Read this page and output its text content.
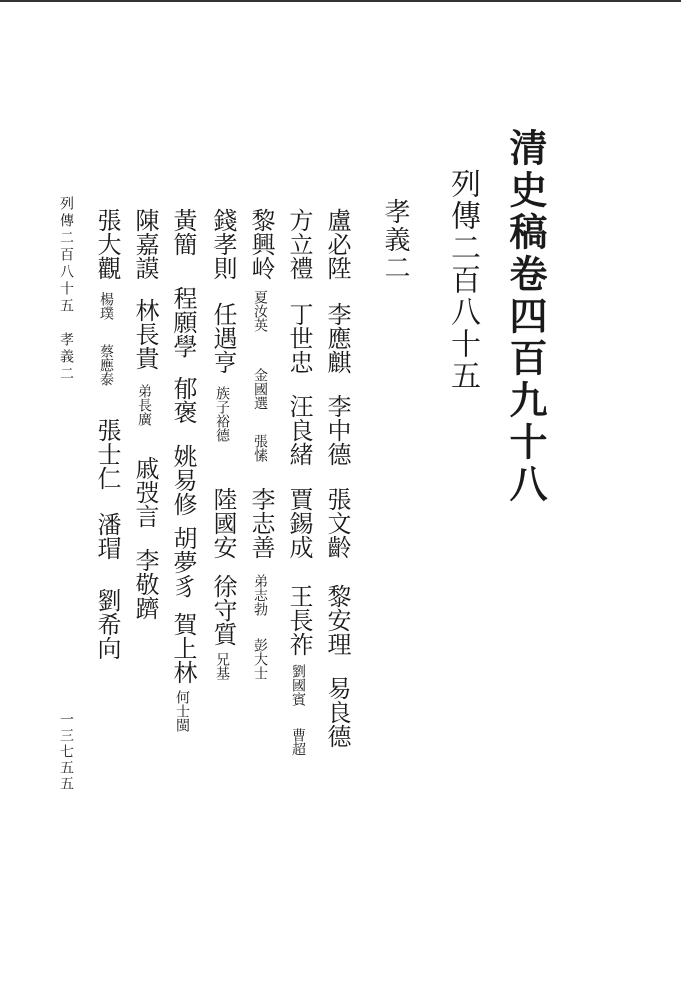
清史稿卷四百九十八
列傳二百八十五
孝義二
盧必陞
李應麒
李中德
張文齡
黎安理
易良德
方立禮
丁世忠
汪良緒
賈錫成
王長祚
劉國賓
曹超
黎興岭
夏汝英
金國選
張愫
李志善
弟志勃
彭大士
錢孝則
任遇亨
族子裕德
陸國安
徐守質
兄基
黃簡
程願學
郁褒
姚易修
胡夢豸
賀上林
何士閩
陳嘉謨
林長貴
弟長廣
戚弢言
李敬躋
張大觀
楊璞
蔡應泰
張士仁
潘瑁
劉希向
列傳二百八十五　孝義二
一三七五五
